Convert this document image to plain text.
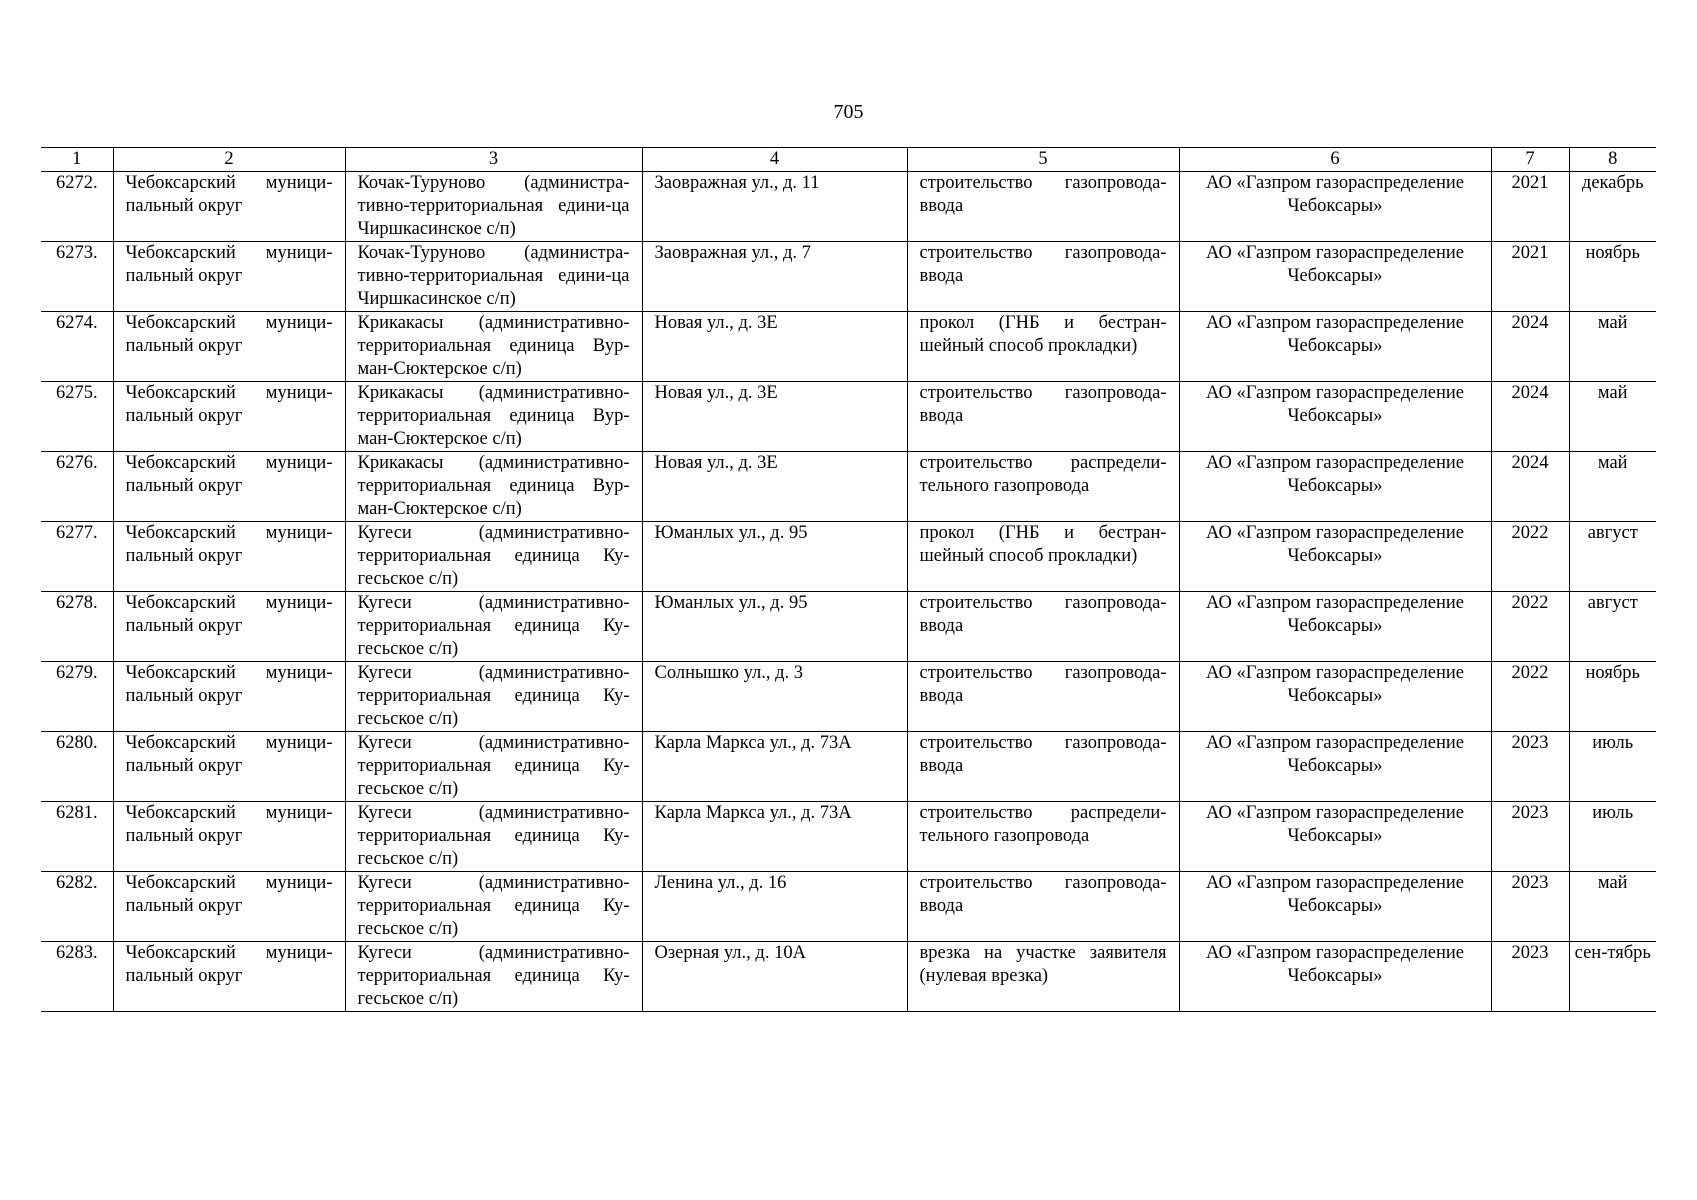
705
1	2	3	4	5	6	7	8
6272.	Чебоксарский муници-пальный округ	Кочак-Туруново (администра-тивно-территориальная едини-ца Чиршкасинское с/п)	Заовражная ул., д. 11	строительство газопровода-ввода	АО «Газпром газораспределение Чебоксары»	2021	декабрь
6273.	Чебоксарский муници-пальный округ	Кочак-Туруново (администра-тивно-территориальная едини-ца Чиршкасинское с/п)	Заовражная ул., д. 7	строительство газопровода-ввода	АО «Газпром газораспределение Чебоксары»	2021	ноябрь
6274.	Чебоксарский муници-пальный округ	Крикакасы (административно-территориальная единица Вур-ман-Сюктерское с/п)	Новая ул., д. 3Е	прокол (ГНБ и бестран-шейный способ прокладки)	АО «Газпром газораспределение Чебоксары»	2024	май
6275.	Чебоксарский муници-пальный округ	Крикакасы (административно-территориальная единица Вур-ман-Сюктерское с/п)	Новая ул., д. 3Е	строительство газопровода-ввода	АО «Газпром газораспределение Чебоксары»	2024	май
6276.	Чебоксарский муници-пальный округ	Крикакасы (административно-территориальная единица Вур-ман-Сюктерское с/п)	Новая ул., д. 3Е	строительство распредели-тельного газопровода	АО «Газпром газораспределение Чебоксары»	2024	май
6277.	Чебоксарский муници-пальный округ	Кугеси (административно-территориальная единица Ку-гесьское с/п)	Юманлых ул., д. 95	прокол (ГНБ и бестран-шейный способ прокладки)	АО «Газпром газораспределение Чебоксары»	2022	август
6278.	Чебоксарский муници-пальный округ	Кугеси (административно-территориальная единица Ку-гесьское с/п)	Юманлых ул., д. 95	строительство газопровода-ввода	АО «Газпром газораспределение Чебоксары»	2022	август
6279.	Чебоксарский муници-пальный округ	Кугеси (административно-территориальная единица Ку-гесьское с/п)	Солнышко ул., д. 3	строительство газопровода-ввода	АО «Газпром газораспределение Чебоксары»	2022	ноябрь
6280.	Чебоксарский муници-пальный округ	Кугеси (административно-территориальная единица Ку-гесьское с/п)	Карла Маркса ул., д. 73А	строительство газопровода-ввода	АО «Газпром газораспределение Чебоксары»	2023	июль
6281.	Чебоксарский муници-пальный округ	Кугеси (административно-территориальная единица Ку-гесьское с/п)	Карла Маркса ул., д. 73А	строительство распредели-тельного газопровода	АО «Газпром газораспределение Чебоксары»	2023	июль
6282.	Чебоксарский муници-пальный округ	Кугеси (административно-территориальная единица Ку-гесьское с/п)	Ленина ул., д. 16	строительство газопровода-ввода	АО «Газпром газораспределение Чебоксары»	2023	май
6283.	Чебоксарский муници-пальный округ	Кугеси (административно-территориальная единица Ку-гесьское с/п)	Озерная ул., д. 10А	врезка на участке заявителя (нулевая врезка)	АО «Газпром газораспределение Чебоксары»	2023	сен-тябрь
